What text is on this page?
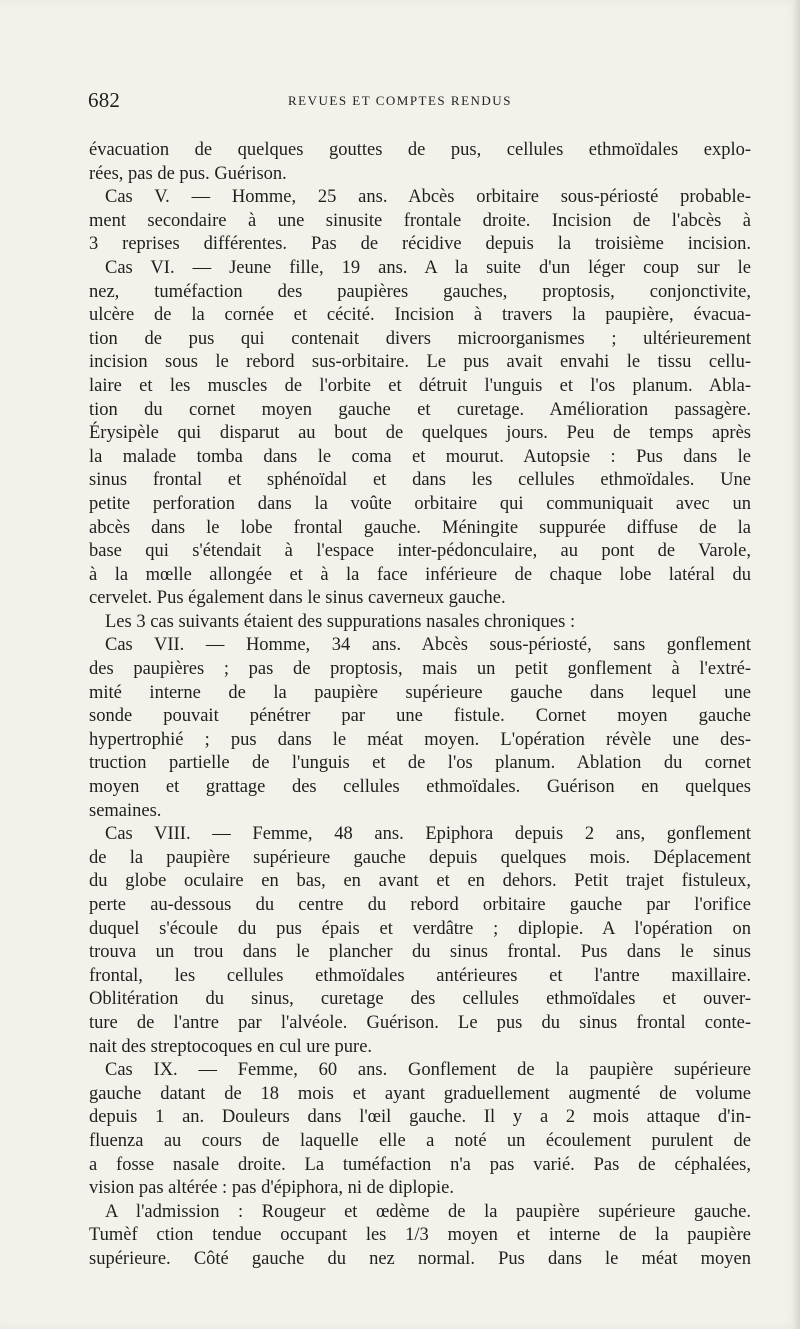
682	REVUES ET COMPTES RENDUS
évacuation de quelques gouttes de pus, cellules ethmoïdales explo-
rées, pas de pus. Guérison.
Cas V. — Homme, 25 ans. Abcès orbitaire sous-périosté probable-
ment secondaire à une sinusite frontale droite. Incision de l'abcès à
3 reprises différentes. Pas de récidive depuis la troisième incision.
Cas VI. — Jeune fille, 19 ans. A la suite d'un léger coup sur le
nez, tuméfaction des paupières gauches, proptosis, conjonctivite,
ulcère de la cornée et cécité. Incision à travers la paupière, évacua-
tion de pus qui contenait divers microorganismes ; ultérieurement
incision sous le rebord sus-orbitaire. Le pus avait envahi le tissu cellu-
laire et les muscles de l'orbite et détruit l'unguis et l'os planum. Abla-
tion du cornet moyen gauche et curetage. Amélioration passagère.
Érysipèle qui disparut au bout de quelques jours. Peu de temps après
la malade tomba dans le coma et mourut. Autopsie : Pus dans le
sinus frontal et sphénoïdal et dans les cellules ethmoïdales. Une
petite perforation dans la voûte orbitaire qui communiquait avec un
abcès dans le lobe frontal gauche. Méningite suppurée diffuse de la
base qui s'étendait à l'espace inter-pédonculaire, au pont de Varole,
à la mœlle allongée et à la face inférieure de chaque lobe latéral du
cervelet. Pus également dans le sinus caverneux gauche.
Les 3 cas suivants étaient des suppurations nasales chroniques :
Cas VII. — Homme, 34 ans. Abcès sous-périosté, sans gonflement
des paupières ; pas de proptosis, mais un petit gonflement à l'extré-
mité interne de la paupière supérieure gauche dans lequel une
sonde pouvait pénétrer par une fistule. Cornet moyen gauche
hypertrophié ; pus dans le méat moyen. L'opération révèle une des-
truction partielle de l'unguis et de l'os planum. Ablation du cornet
moyen et grattage des cellules ethmoïdales. Guérison en quelques
semaines.
Cas VIII. — Femme, 48 ans. Epiphora depuis 2 ans, gonflement
de la paupière supérieure gauche depuis quelques mois. Déplacement
du globe oculaire en bas, en avant et en dehors. Petit trajet fistuleux,
perte au-dessous du centre du rebord orbitaire gauche par l'orifice
duquel s'écoule du pus épais et verdâtre ; diplopie. A l'opération on
trouva un trou dans le plancher du sinus frontal. Pus dans le sinus
frontal, les cellules ethmoïdales antérieures et l'antre maxillaire.
Oblitération du sinus, curetage des cellules ethmoïdales et ouver-
ture de l'antre par l'alvéole. Guérison. Le pus du sinus frontal conte-
nait des streptocoques en cul ure pure.
Cas IX. — Femme, 60 ans. Gonflement de la paupière supérieure
gauche datant de 18 mois et ayant graduellement augmenté de volume
depuis 1 an. Douleurs dans l'œil gauche. Il y a 2 mois attaque d'in-
fluenza au cours de laquelle elle a noté un écoulement purulent de
a fosse nasale droite. La tuméfaction n'a pas varié. Pas de céphalées,
vision pas altérée : pas d'épiphora, ni de diplopie.
A l'admission : Rougeur et œdème de la paupière supérieure gauche.
Tumèf ction tendue occupant les 1/3 moyen et interne de la paupière
supérieure. Côté gauche du nez normal. Pus dans le méat moyen
